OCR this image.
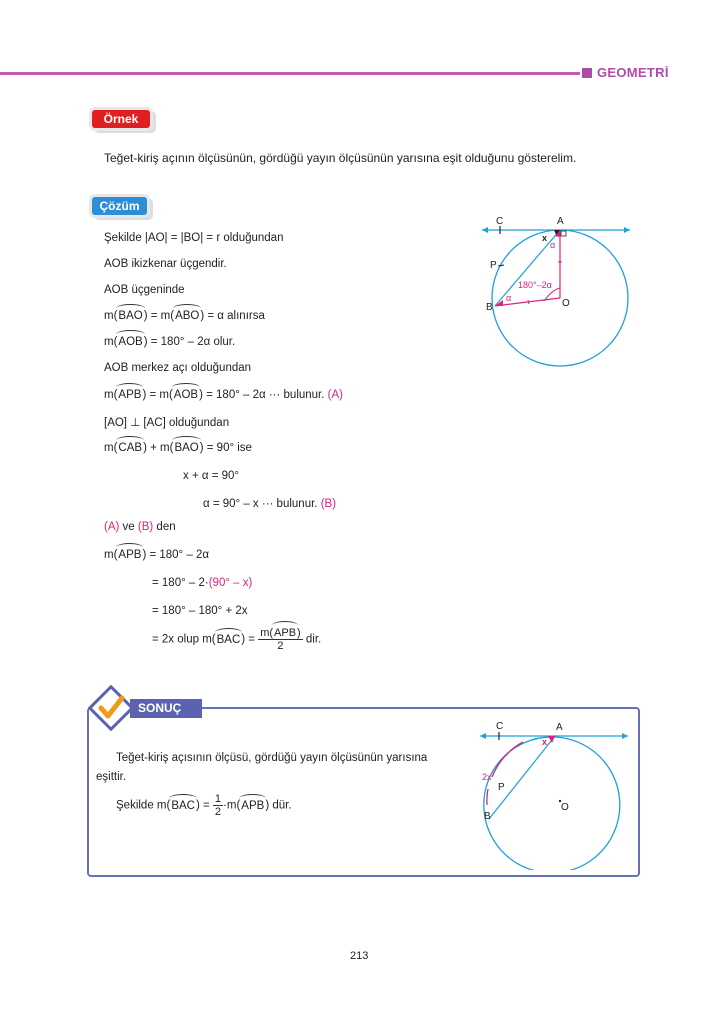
GEOMETRİ
Örnek
Teğet-kiriş açının ölçüsünün, gördüğü yayın ölçüsünün yarısına eşit olduğunu gösterelim.
Çözüm
Şekilde |AO| = |BO| = r olduğundan
AOB ikizkenar üçgendir.
AOB üçgeninde
m(BAO) = m(ABO) = α alınırsa
m(AOB) = 180° – 2α olur.
AOB merkez açı olduğundan
m(APB) = m(AOB) = 180° – 2α ··· bulunur. (A)
[AO] ⊥ [AC] olduğundan
m(CAB) + m(BAO) = 90° ise
x + α = 90°
α = 90° – x ··· bulunur. (B)
(A) ve (B) den
m(APB) = 180° – 2α
= 180° – 2·(90° – x)
= 180° – 180° + 2x
= 2x olup $m(BAC) = \frac{\text{m(APB)}}{2}$ dir.
C	A
P
B	O
x
α
α
180°–2α
SONUÇ
Teğet-kiriş açısının ölçüsü, gördüğü yayın ölçüsünün yarısına
eşittir.
Şekilde $m(BAC) = \frac{1}{2} \cdot m(APB)$ dür.
C	A
P
B
O
x
2x
213
